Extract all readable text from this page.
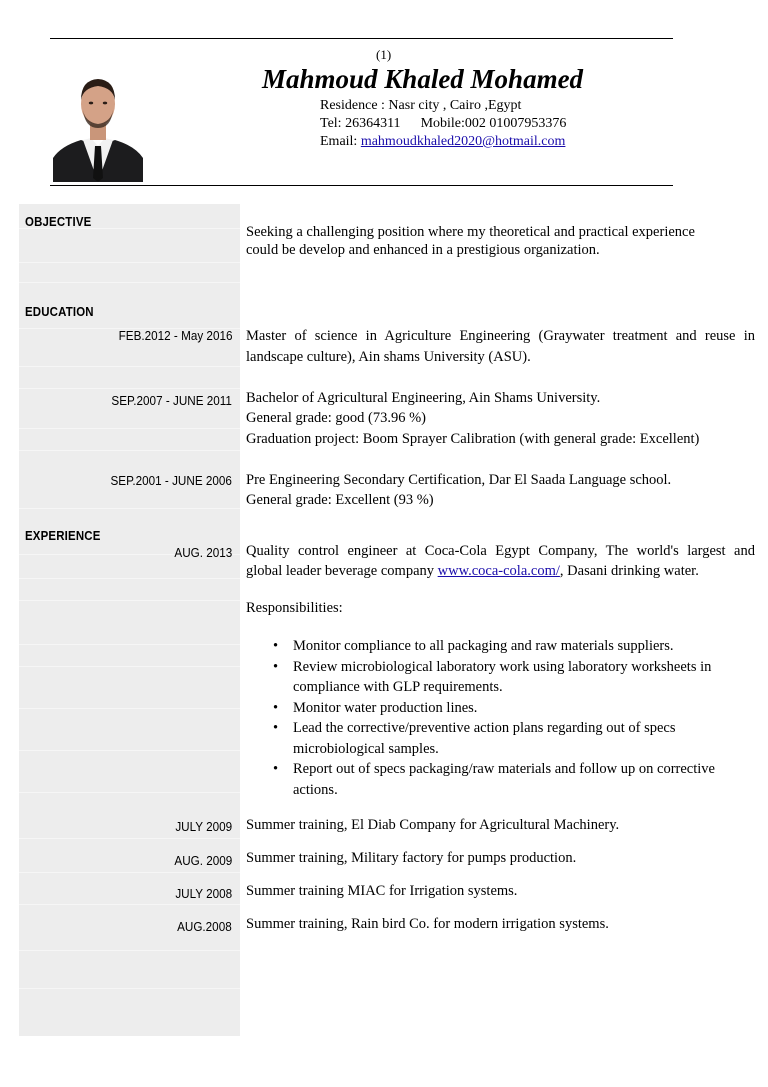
(1)
Mahmoud Khaled Mohamed
Residence : Nasr city , Cairo ,Egypt
Tel: 26364311 Mobile:002 01007953376
Email: mahmoudkhaled2020@hotmail.com
OBJECTIVE
Seeking a challenging position where my theoretical and practical experience
could be develop and enhanced in a prestigious organization.
EDUCATION
FEB.2012 - May 2016 Master of science in Agriculture Engineering (Graywater treatment and reuse in
landscape culture), Ain shams University (ASU).
SEP.2007 - JUNE 2011 Bachelor of Agricultural Engineering, Ain Shams University.
General grade: good (73.96 %)
Graduation project: Boom Sprayer Calibration (with general grade: Excellent)
SEP.2001 - JUNE 2006 Pre Engineering Secondary Certification, Dar El Saada Language school.
General grade: Excellent (93 %)
EXPERIENCE
AUG. 2013 Quality control engineer at Coca-Cola Egypt Company, The world's largest and
global leader beverage company www.coca-cola.com/, Dasani drinking water.
Responsibilities:
• Monitor compliance to all packaging and raw materials suppliers.
• Review microbiological laboratory work using laboratory worksheets in
compliance with GLP requirements.
• Monitor water production lines.
• Lead the corrective/preventive action plans regarding out of specs
microbiological samples.
• Report out of specs packaging/raw materials and follow up on corrective
actions.
JULY 2009 Summer training, El Diab Company for Agricultural Machinery.
AUG. 2009 Summer training, Military factory for pumps production.
JULY 2008 Summer training MIAC for Irrigation systems.
AUG.2008 Summer training, Rain bird Co. for modern irrigation systems.
